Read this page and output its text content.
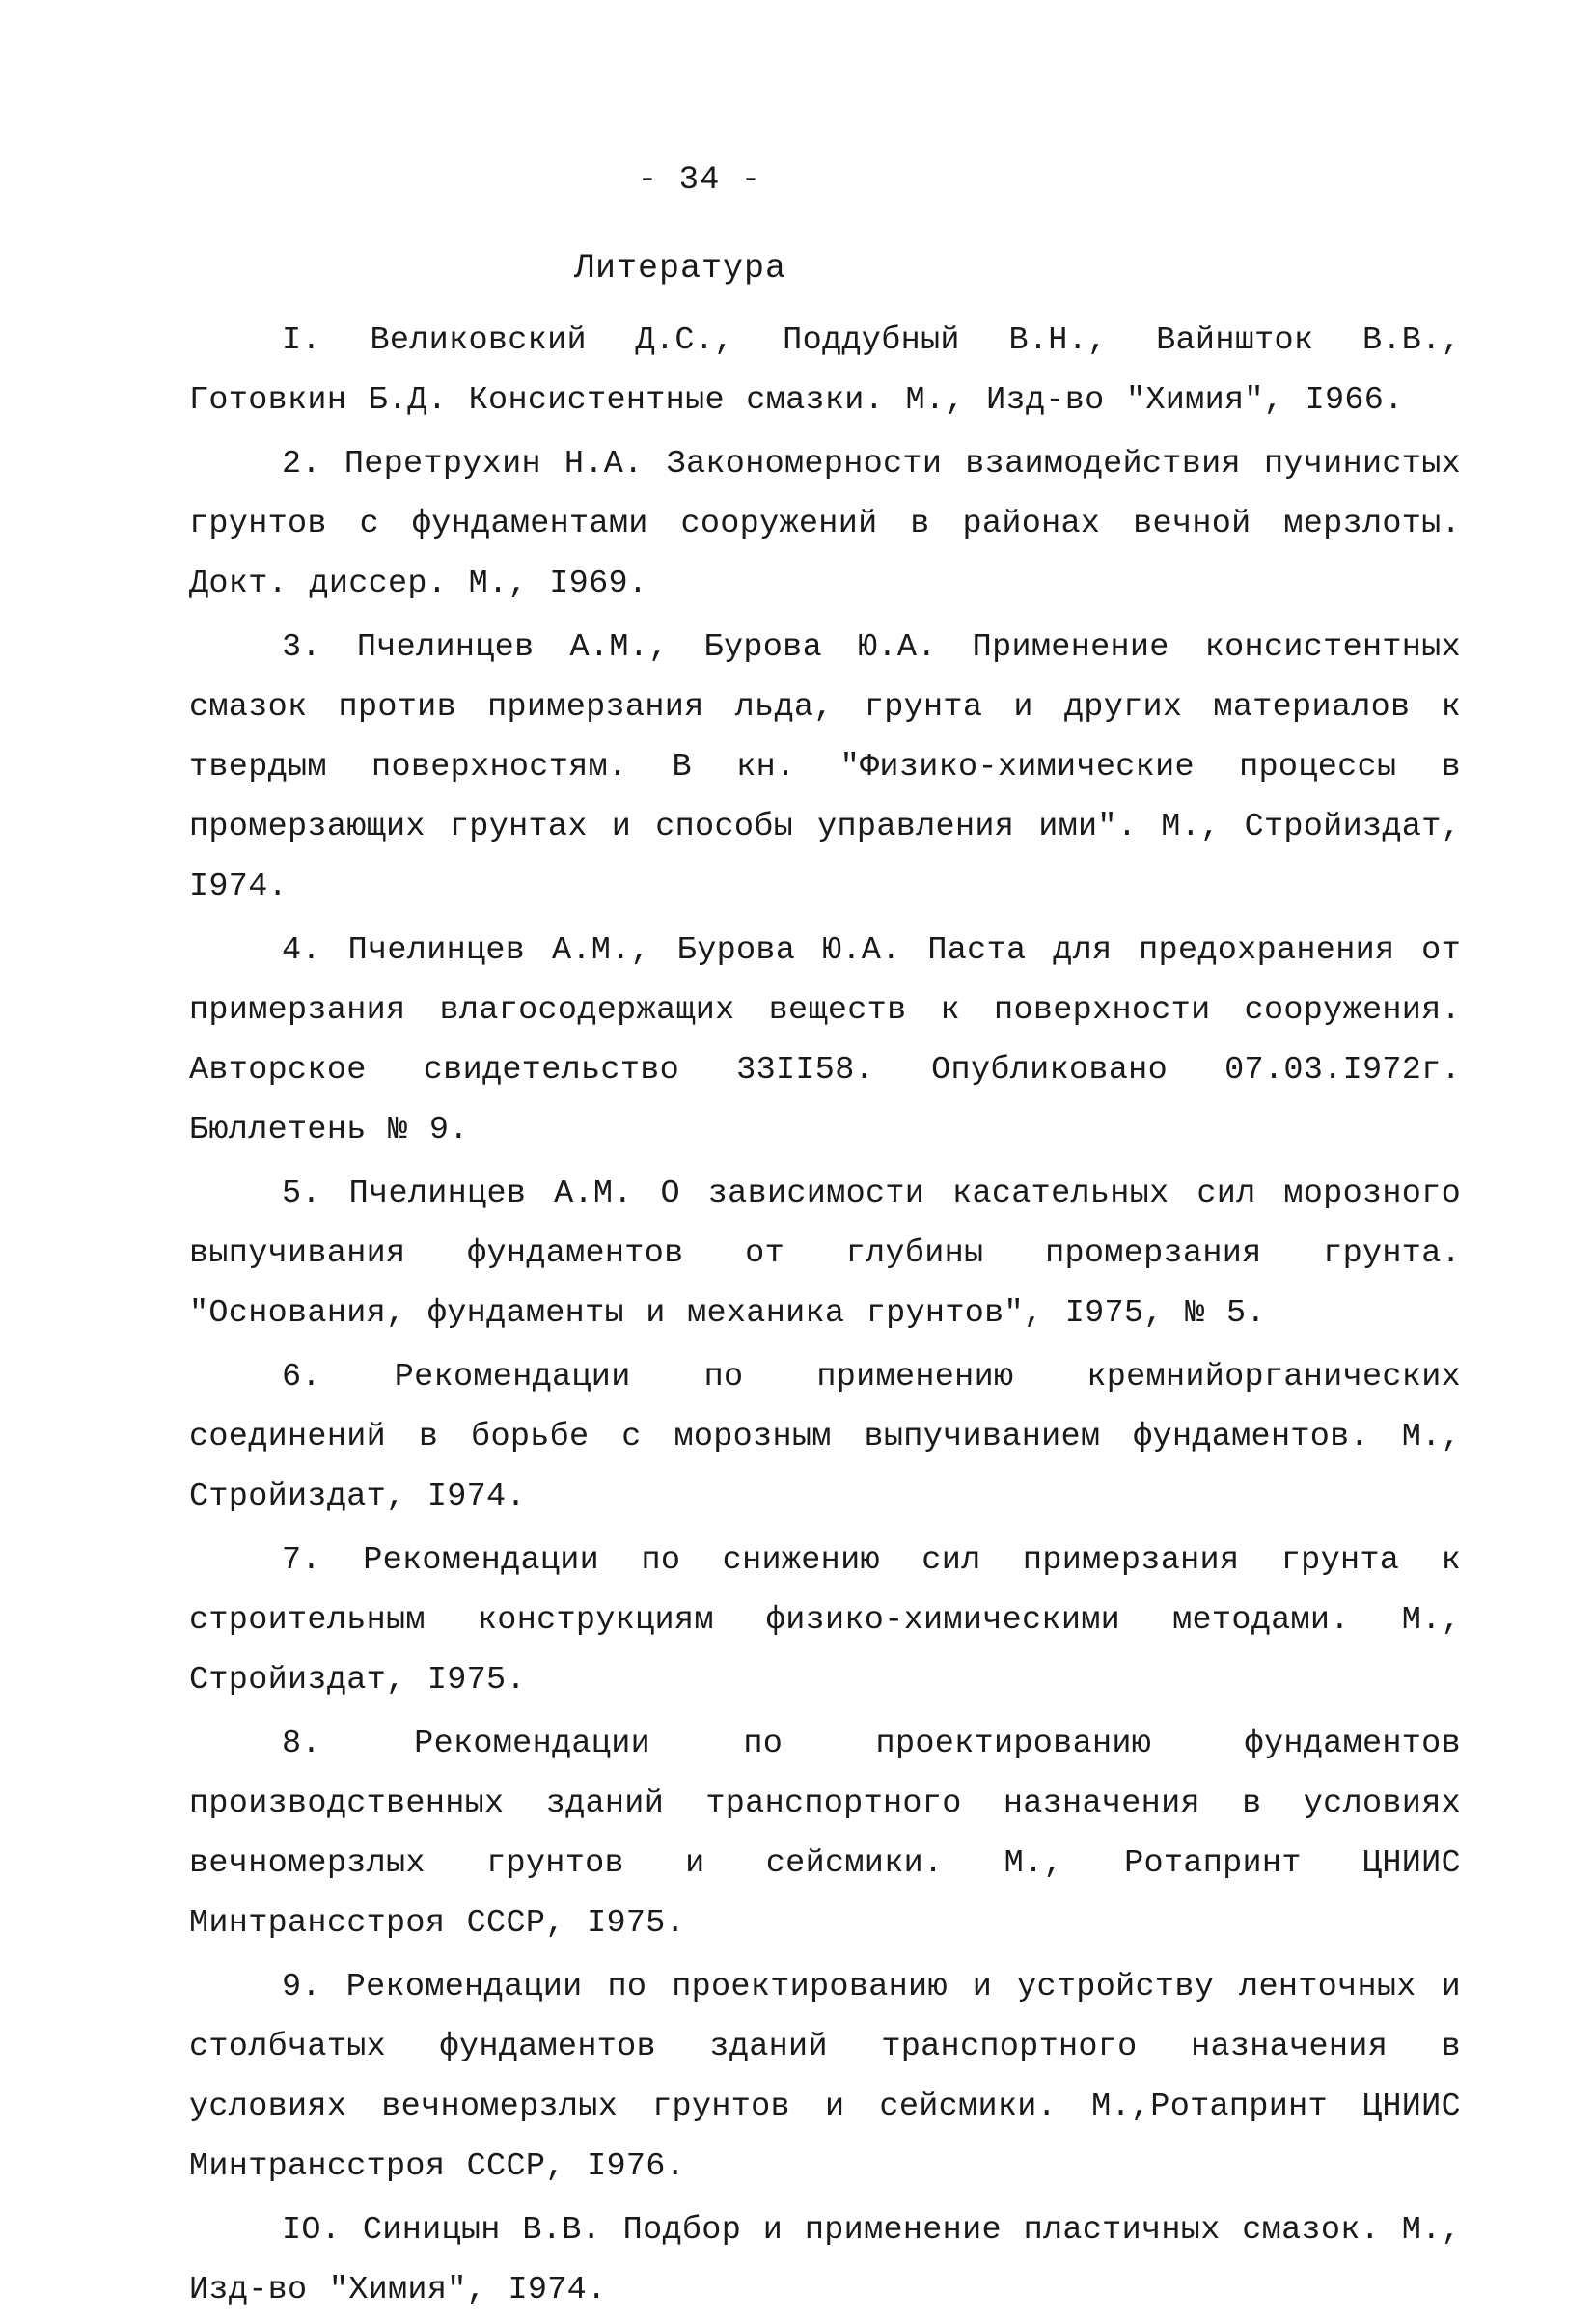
- 34 -
Литература
I. Великовский Д.С., Поддубный В.Н., Вайншток В.В., Готовкин Б.Д. Консистентные смазки. М., Изд-во "Химия", I966.
2. Перетрухин Н.А. Закономерности взаимодействия пучинистых грунтов с фундаментами сооружений в районах вечной мерзлоты. Докт. диссер. М., I969.
3. Пчелинцев А.М., Бурова Ю.А. Применение консистентных смазок против примерзания льда, грунта и других материалов к твердым поверхностям. В кн. "Физико-химические процессы в промерзающих грунтах и способы управления ими". М., Стройиздат, I974.
4. Пчелинцев А.М., Бурова Ю.А. Паста для предохранения от примерзания влагосодержащих веществ к поверхности сооружения. Авторское свидетельство 33II58. Опубликовано 07.03.I972г. Бюллетень № 9.
5. Пчелинцев А.М. О зависимости касательных сил морозного выпучивания фундаментов от глубины промерзания грунта. "Основания, фундаменты и механика грунтов", I975, № 5.
6. Рекомендации по применению кремнийорганических соединений в борьбе с морозным выпучиванием фундаментов. М., Стройиздат, I974.
7. Рекомендации по снижению сил примерзания грунта к строительным конструкциям физико-химическими методами. М., Стройиздат, I975.
8. Рекомендации по проектированию фундаментов производственных зданий транспортного назначения в условиях вечномерзлых грунтов и сейсмики. М., Ротапринт ЦНИИС Минтрансстроя СССР, I975.
9. Рекомендации по проектированию и устройству ленточных и столбчатых фундаментов зданий транспортного назначения в условиях вечномерзлых грунтов и сейсмики. М.,Ротапринт ЦНИИС Минтрансстроя СССР, I976.
IO. Синицын В.В. Подбор и применение пластичных смазок. М., Изд-во "Химия", I974.
